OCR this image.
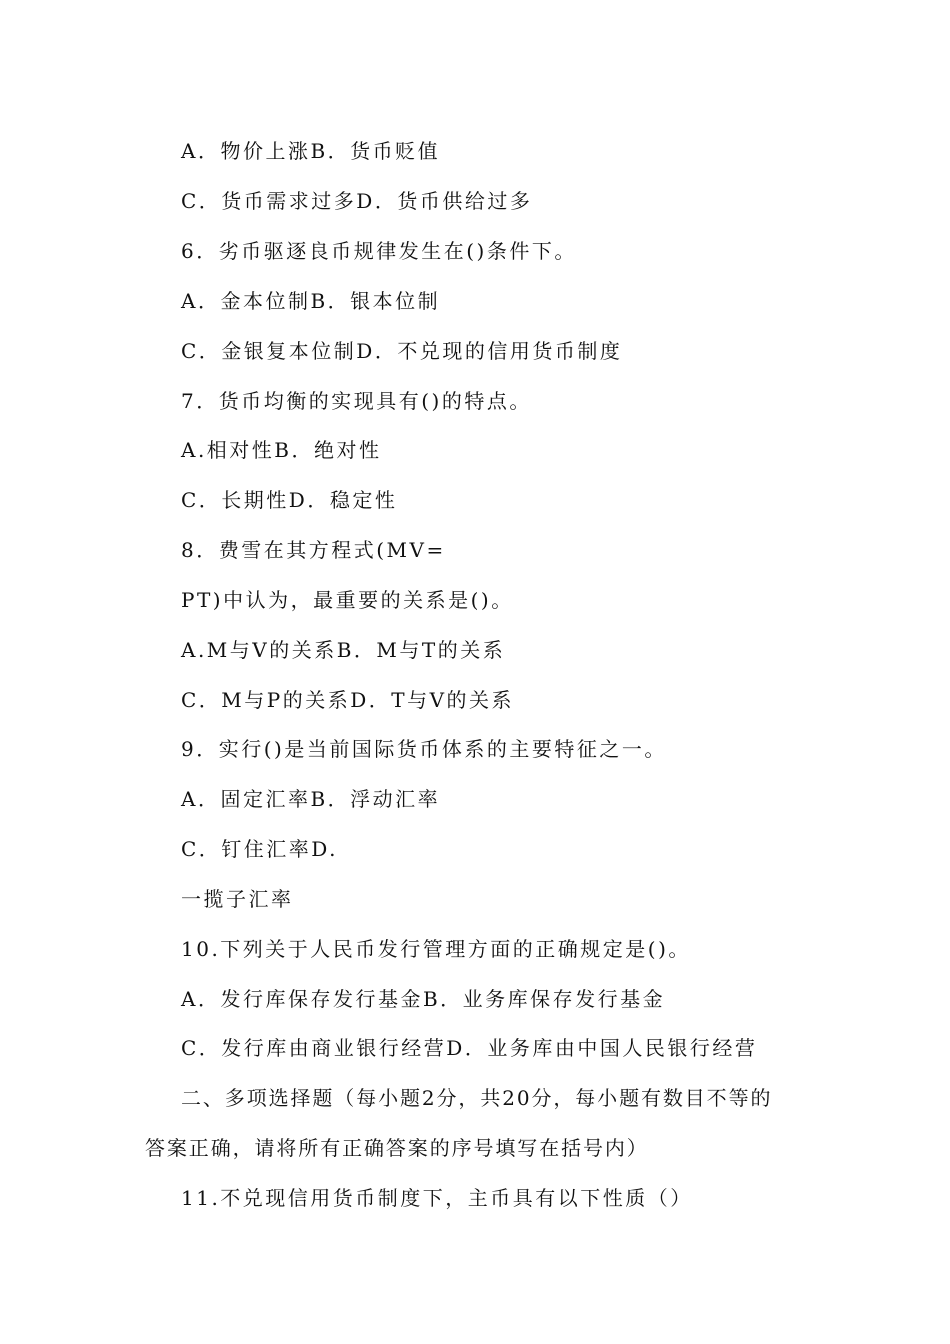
A．物价上涨B．货币贬值
C．货币需求过多D．货币供给过多
6．劣币驱逐良币规律发生在()条件下。
A．金本位制B．银本位制
C．金银复本位制D．不兑现的信用货币制度
7．货币均衡的实现具有()的特点。
A.相对性B．绝对性
C．长期性D．稳定性
8．费雪在其方程式(MV=
PT)中认为，最重要的关系是()。
A.M与V的关系B．M与T的关系
C．M与P的关系D．T与V的关系
9．实行()是当前国际货币体系的主要特征之一。
A．固定汇率B．浮动汇率
C．钉住汇率D.
一揽子汇率
10.下列关于人民币发行管理方面的正确规定是()。
A．发行库保存发行基金B．业务库保存发行基金
C．发行库由商业银行经营D．业务库由中国人民银行经营
二、多项选择题（每小题2分，共20分，每小题有数目不等的
答案正确，请将所有正确答案的序号填写在括号内）
11.不兑现信用货币制度下，主币具有以下性质（）
